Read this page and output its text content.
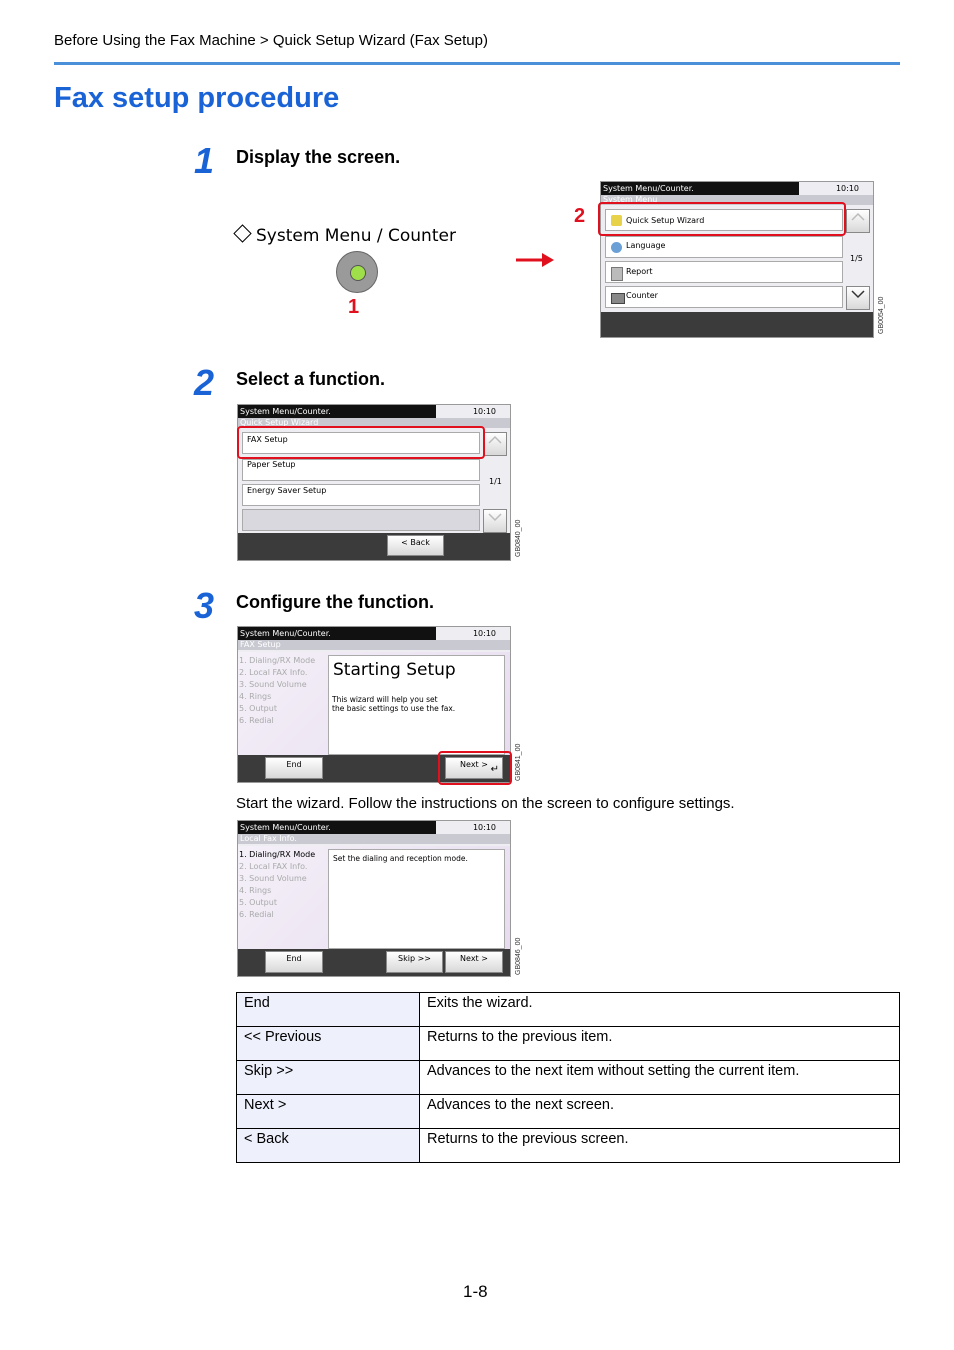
Before Using the Fax Machine > Quick Setup Wizard (Fax Setup)
Fax setup procedure
1 Display the screen.
System Menu / Counter
1
2
System Menu/Counter.	10:10
System Menu
Quick Setup Wizard
Language
Report
Counter
1/5
GB0054_00
2 Select a function.
System Menu/Counter.	10:10
Quick Setup Wizard
FAX Setup
Paper Setup
Energy Saver Setup
1/1
< Back	GB0840_00
3 Configure the function.
System Menu/Counter.	10:10
FAX Setup
1. Dialing/RX Mode
2. Local FAX Info.
3. Sound Volume
4. Rings
5. Output
6. Redial
Starting Setup
This wizard will help you set
the basic settings to use the fax.
End	Next > ↵ GB0841_00
Start the wizard. Follow the instructions on the screen to configure settings.
System Menu/Counter.	10:10
Local Fax Info.
1. Dialing/RX Mode
2. Local FAX Info.
3. Sound Volume
4. Rings
5. Output
6. Redial
Set the dialing and reception mode.
End	Skip >>	Next >	GB0846_00
End	Exits the wizard.
<< Previous	Returns to the previous item.
Skip >>	Advances to the next item without setting the current item.
Next >	Advances to the next screen.
< Back	Returns to the previous screen.
1-8
